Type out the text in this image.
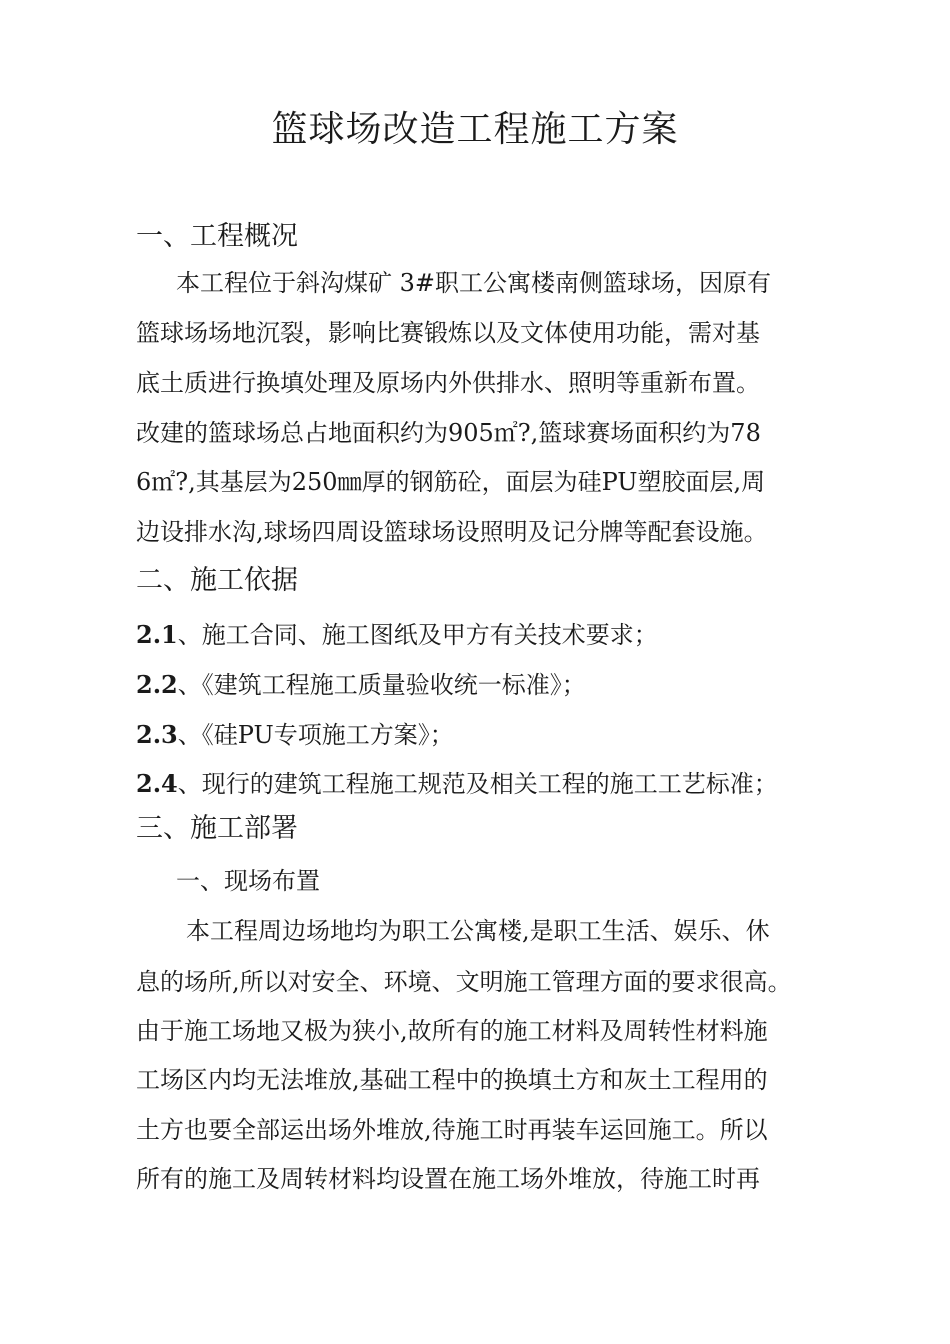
篮球场改造工程施工方案
一、工程概况
本工程位于斜沟煤矿 3#职工公寓楼南侧篮球场，因原有
篮球场场地沉裂，影响比赛锻炼以及文体使用功能，需对基
底土质进行换填处理及原场内外供排水、照明等重新布置。
改建的篮球场总占地面积约为905㎡?,篮球赛场面积约为78
6㎡?,其基层为250㎜厚的钢筋砼，面层为硅PU塑胶面层,周
边设排水沟,球场四周设篮球场设照明及记分牌等配套设施。
二、施工依据
2.1、施工合同、施工图纸及甲方有关技术要求；
2.2、《建筑工程施工质量验收统一标准》；
2.3、《硅PU专项施工方案》；
2.4、现行的建筑工程施工规范及相关工程的施工工艺标准；
三、施工部署
一、现场布置
本工程周边场地均为职工公寓楼,是职工生活、娱乐、休
息的场所,所以对安全、环境、文明施工管理方面的要求很高。
由于施工场地又极为狭小,故所有的施工材料及周转性材料施
工场区内均无法堆放,基础工程中的换填土方和灰土工程用的
土方也要全部运出场外堆放,待施工时再装车运回施工。所以
所有的施工及周转材料均设置在施工场外堆放，待施工时再
